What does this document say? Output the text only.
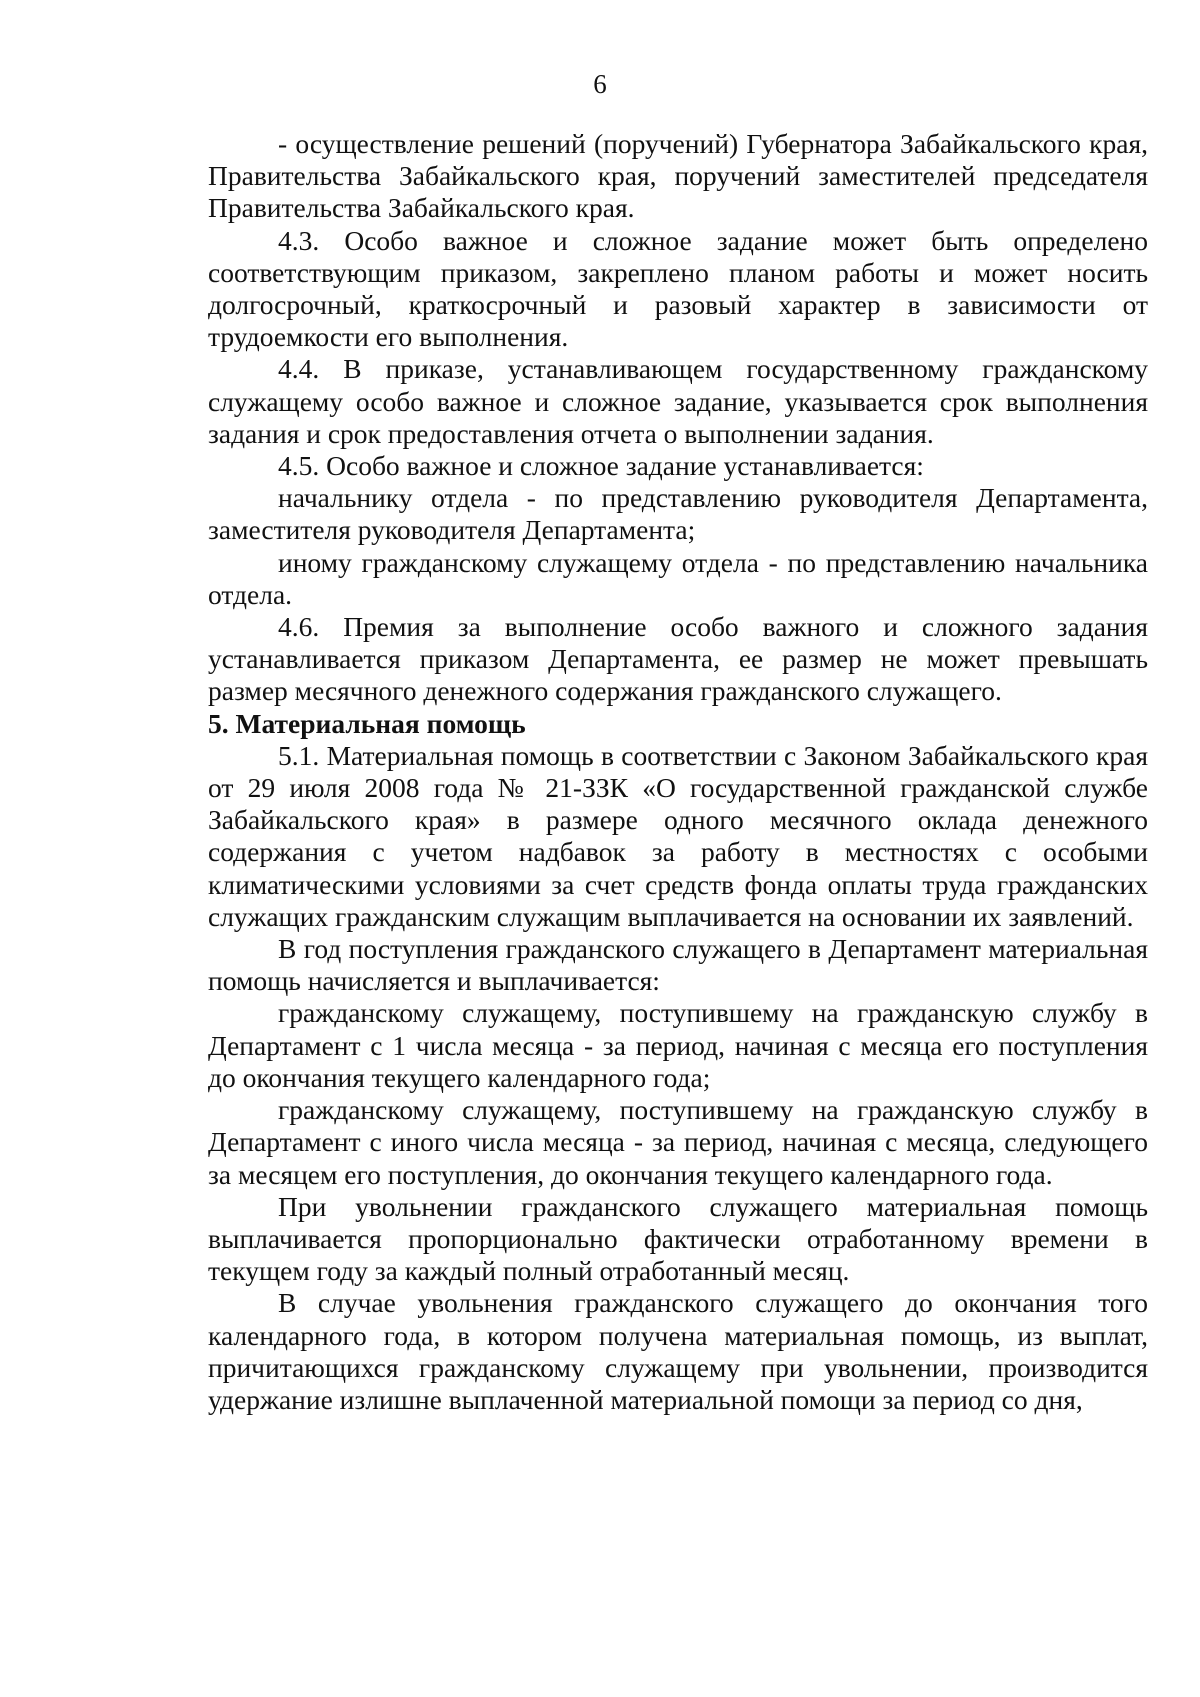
6

- осуществление решений (поручений) Губернатора Забайкальского края, Правительства Забайкальского края, поручений заместителей председателя Правительства Забайкальского края.

4.3. Особо важное и сложное задание может быть определено соответствующим приказом, закреплено планом работы и может носить долгосрочный, краткосрочный и разовый характер в зависимости от трудоемкости его выполнения.

4.4. В приказе, устанавливающем государственному гражданскому служащему особо важное и сложное задание, указывается срок выполнения задания и срок предоставления отчета о выполнении задания.

4.5. Особо важное и сложное задание устанавливается:

начальнику отдела - по представлению руководителя Департамента, заместителя руководителя Департамента;

иному гражданскому служащему отдела - по представлению начальника отдела.

4.6. Премия за выполнение особо важного и сложного задания устанавливается приказом Департамента, ее размер не может превышать размер месячного денежного содержания гражданского служащего.

5. Материальная помощь

5.1. Материальная помощь в соответствии с Законом Забайкальского края от 29 июля 2008 года № 21-ЗЗК «О государственной гражданской службе Забайкальского края» в размере одного месячного оклада денежного содержания с учетом надбавок за работу в местностях с особыми климатическими условиями за счет средств фонда оплаты труда гражданских служащих гражданским служащим выплачивается на основании их заявлений.

В год поступления гражданского служащего в Департамент материальная помощь начисляется и выплачивается:

гражданскому служащему, поступившему на гражданскую службу в Департамент с 1 числа месяца - за период, начиная с месяца его поступления до окончания текущего календарного года;

гражданскому служащему, поступившему на гражданскую службу в Департамент с иного числа месяца - за период, начиная с месяца, следующего за месяцем его поступления, до окончания текущего календарного года.

При увольнении гражданского служащего материальная помощь выплачивается пропорционально фактически отработанному времени в текущем году за каждый полный отработанный месяц.

В случае увольнения гражданского служащего до окончания того календарного года, в котором получена материальная помощь, из выплат, причитающихся гражданскому служащему при увольнении, производится удержание излишне выплаченной материальной помощи за период со дня,
